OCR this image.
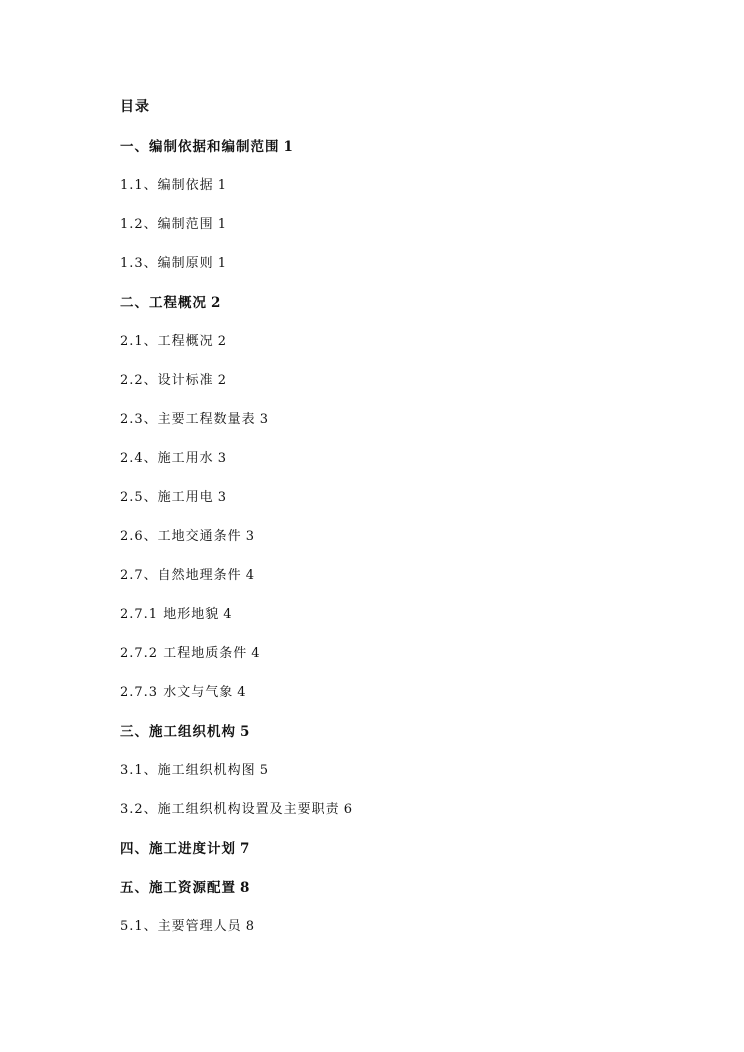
目录
一、编制依据和编制范围 1
1.1、编制依据 1
1.2、编制范围 1
1.3、编制原则 1
二、工程概况 2
2.1、工程概况 2
2.2、设计标准 2
2.3、主要工程数量表 3
2.4、施工用水 3
2.5、施工用电 3
2.6、工地交通条件 3
2.7、自然地理条件 4
2.7.1 地形地貌 4
2.7.2 工程地质条件 4
2.7.3 水文与气象 4
三、施工组织机构 5
3.1、施工组织机构图 5
3.2、施工组织机构设置及主要职责 6
四、施工进度计划 7
五、施工资源配置 8
5.1、主要管理人员 8
